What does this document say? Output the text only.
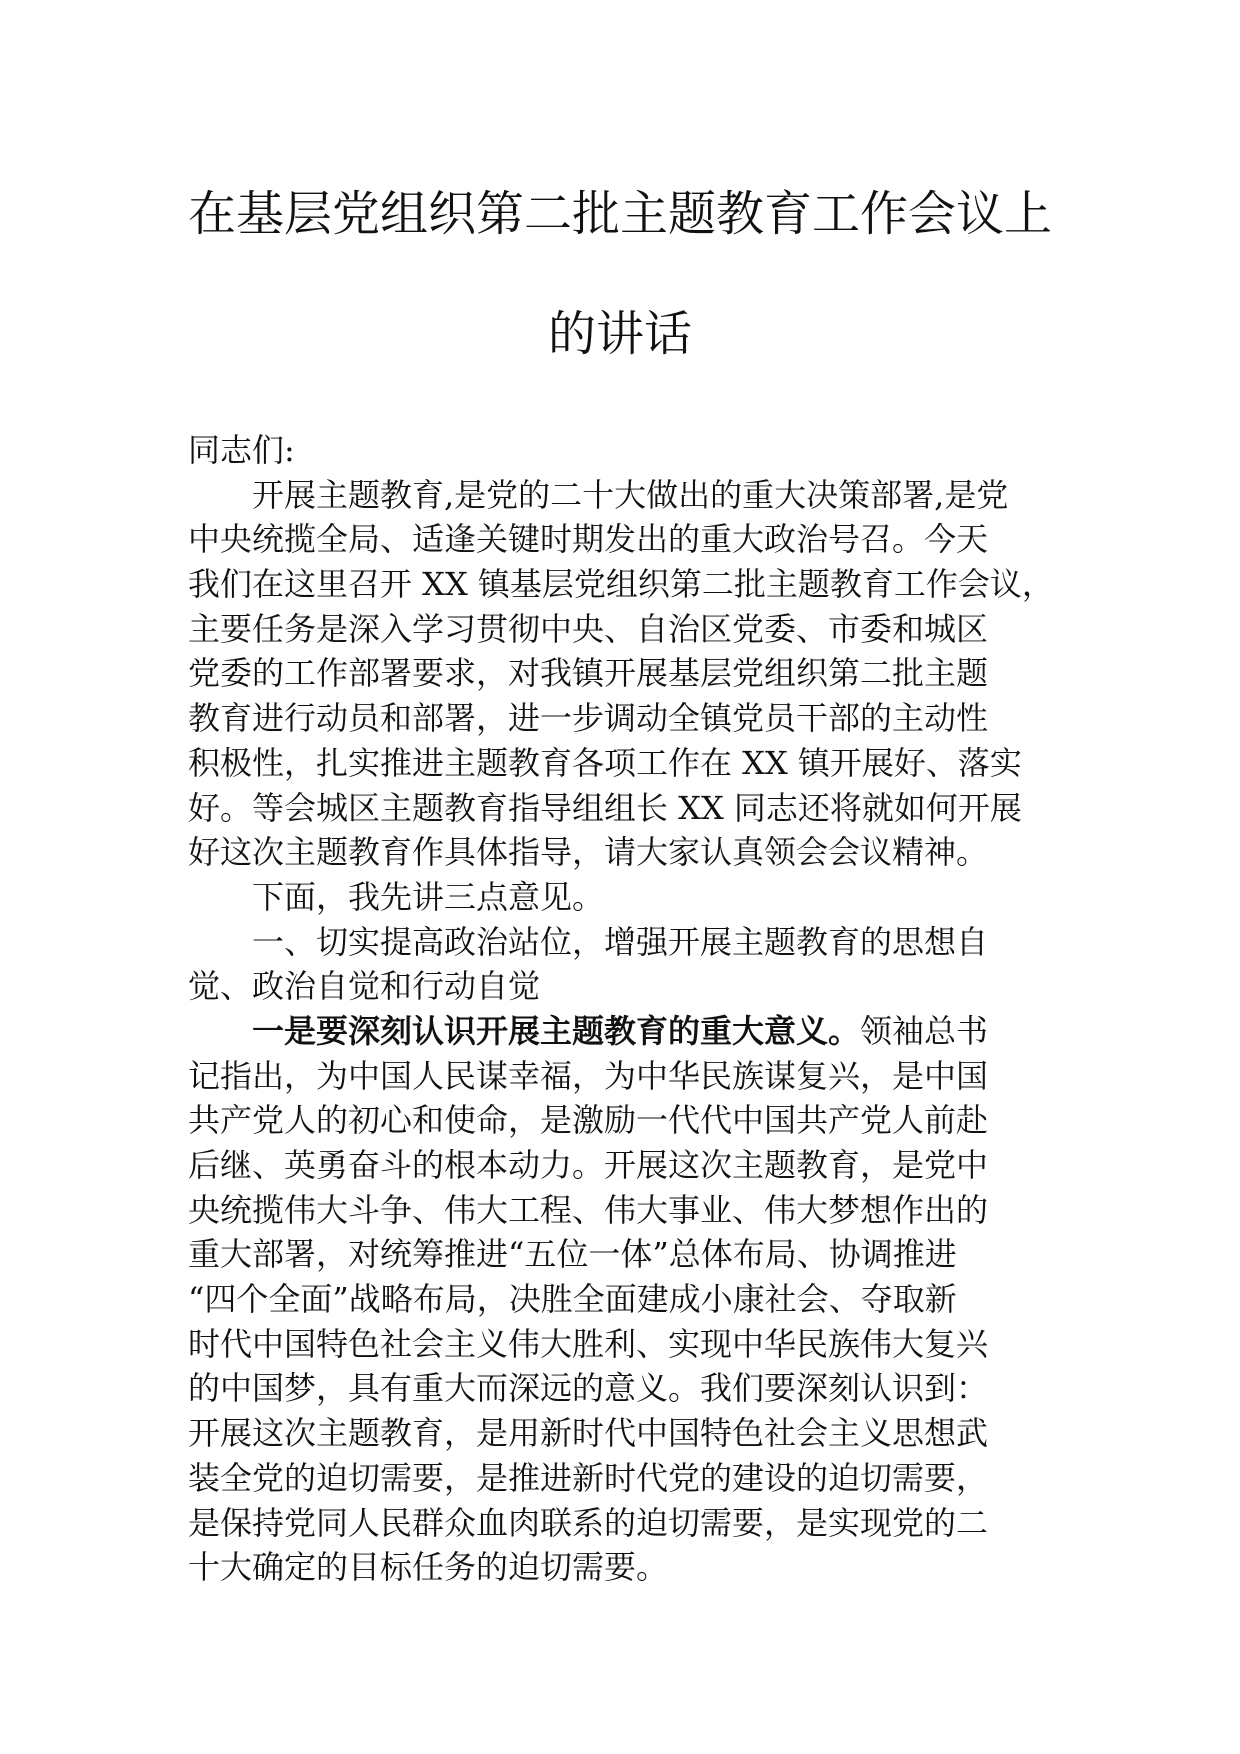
在基层党组织第二批主题教育工作会议上
的讲话
同志们:
开展主题教育,是党的二十大做出的重大决策部署,是党
中央统揽全局、适逢关键时期发出的重大政治号召。今天
我们在这里召开 XX 镇基层党组织第二批主题教育工作会议，
主要任务是深入学习贯彻中央、自治区党委、市委和城区
党委的工作部署要求，对我镇开展基层党组织第二批主题
教育进行动员和部署，进一步调动全镇党员干部的主动性
积极性，扎实推进主题教育各项工作在 XX 镇开展好、落实
好。等会城区主题教育指导组组长 XX 同志还将就如何开展
好这次主题教育作具体指导，请大家认真领会会议精神。
下面，我先讲三点意见。
一、切实提高政治站位，增强开展主题教育的思想自
觉、政治自觉和行动自觉
一是要深刻认识开展主题教育的重大意义。领袖总书
记指出，为中国人民谋幸福，为中华民族谋复兴，是中国
共产党人的初心和使命，是激励一代代中国共产党人前赴
后继、英勇奋斗的根本动力。开展这次主题教育，是党中
央统揽伟大斗争、伟大工程、伟大事业、伟大梦想作出的
重大部署，对统筹推进“五位一体”总体布局、协调推进
“四个全面”战略布局，决胜全面建成小康社会、夺取新
时代中国特色社会主义伟大胜利、实现中华民族伟大复兴
的中国梦，具有重大而深远的意义。我们要深刻认识到：
开展这次主题教育，是用新时代中国特色社会主义思想武
装全党的迫切需要，是推进新时代党的建设的迫切需要，
是保持党同人民群众血肉联系的迫切需要，是实现党的二
十大确定的目标任务的迫切需要。
